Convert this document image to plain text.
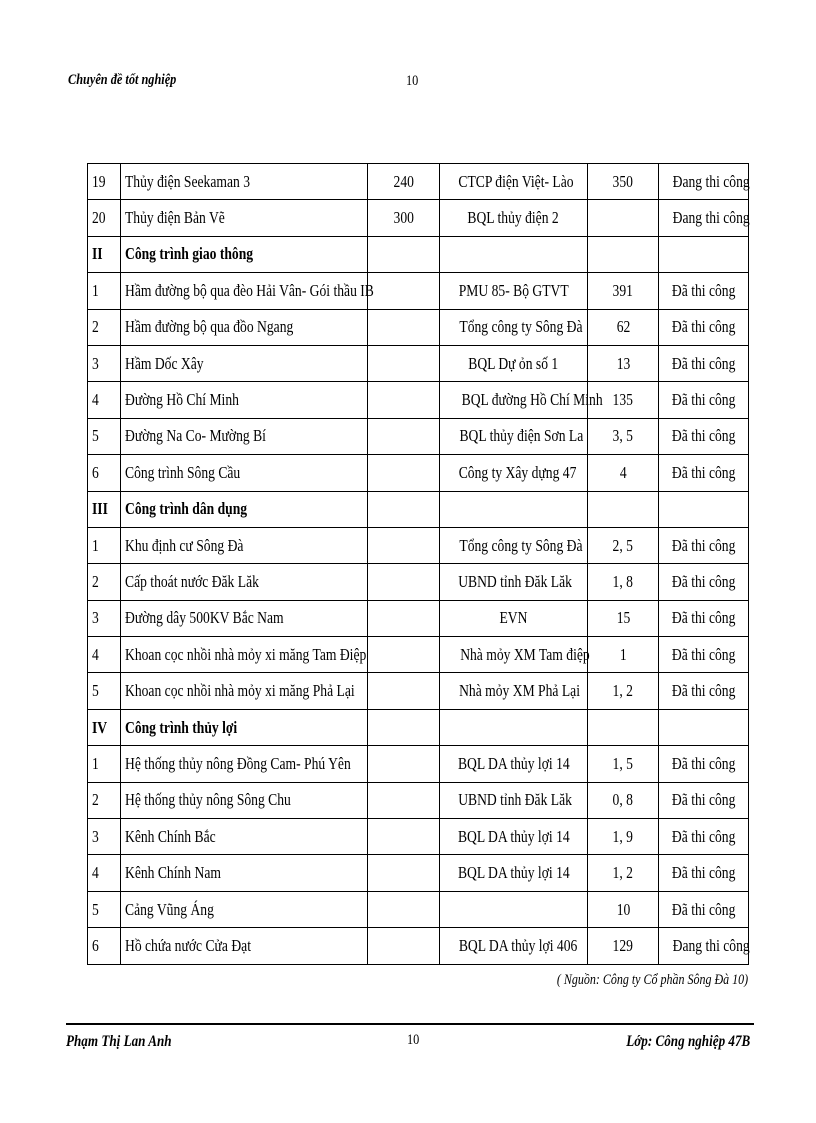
Chuyên đề tốt nghiệp	10
19	Thủy điện Seekaman 3	240	CTCP điện Việt- Lào	350	Đang thi công
20	Thủy điện Bản Vẽ	300	BQL thủy điện 2		Đang thi công
II	Công trình giao thông				
1	Hầm đường bộ qua đèo Hải Vân- Gói thầu IB		PMU 85- Bộ GTVT	391	Đã thi công
2	Hầm đường bộ qua đồo Ngang		Tổng công ty Sông Đà	62	Đã thi công
3	Hầm Dốc Xây		BQL Dự ỏn số 1	13	Đã thi công
4	Đường Hồ Chí Minh		BQL đường Hồ Chí Minh	135	Đã thi công
5	Đường Na Co- Mường Bí		BQL thủy điện Sơn La	3, 5	Đã thi công
6	Công trình Sông Cầu		Công ty Xây dựng 47	4	Đã thi công
III	Công trình dân dụng				
1	Khu định cư Sông Đà		Tổng công ty Sông Đà	2, 5	Đã thi công
2	Cấp thoát nước Đăk Lăk		UBND tỉnh Đăk Lăk	1, 8	Đã thi công
3	Đường dây 500KV Bắc Nam		EVN	15	Đã thi công
4	Khoan cọc nhồi nhà mỏy xi măng Tam Điệp		Nhà mỏy XM Tam điệp	1	Đã thi công
5	Khoan cọc nhồi nhà mỏy xi măng Phả Lại		Nhà mỏy XM Phả Lại	1, 2	Đã thi công
IV	Công trình thủy lợi				
1	Hệ thống thủy nông Đồng Cam- Phú Yên		BQL DA thủy lợi 14	1, 5	Đã thi công
2	Hệ thống thủy nông Sông Chu		UBND tỉnh Đăk Lăk	0, 8	Đã thi công
3	Kênh Chính Bắc		BQL DA thủy lợi 14	1, 9	Đã thi công
4	Kênh Chính Nam		BQL DA thủy lợi 14	1, 2	Đã thi công
5	Cảng Vũng Áng			10	Đã thi công
6	Hồ chứa nước Cửa Đạt		BQL DA thủy lợi 406	129	Đang thi công
( Nguồn: Công ty Cổ phần Sông Đà 10)
Phạm Thị Lan Anh	10	Lớp: Công nghiệp 47B
